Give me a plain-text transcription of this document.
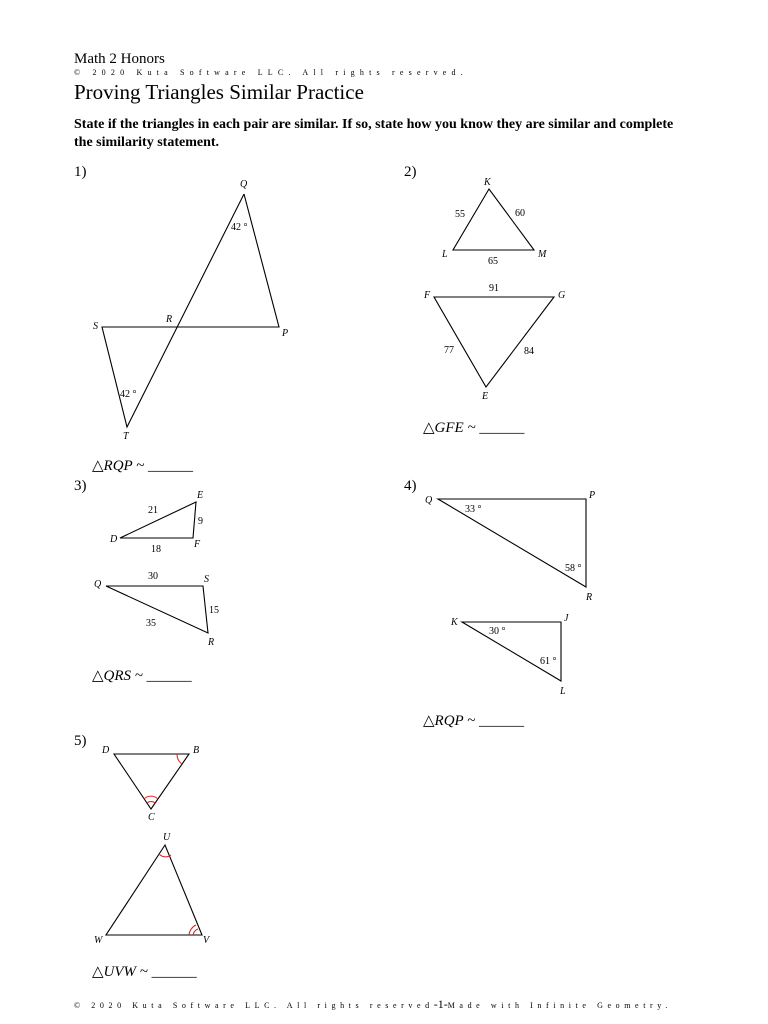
Math 2 Honors
© 2020 Kuta Software LLC. All rights reserved.
Proving Triangles Similar Practice
State if the triangles in each pair are similar. If so, state how you know they are similar and complete the similarity statement.
1)	2)
3)	4)
5)
△RQP ~ ______
△GFE ~ ______
△QRS ~ ______
△RQP ~ ______
△UVW ~ ______
Q
R
S
P
T
42 °
42 °
K
L	M
F	G
E
55	60
65
91
77	84
E
D	F
Q	S
R
21
9
18
30
15
35
Q	P
R
K	J
L
33 °
58 °
30 °
61 °
D	B
C
U
W	V
© 2020 Kuta Software LLC. All rights reserved-1-Made with Infinite Geometry.
